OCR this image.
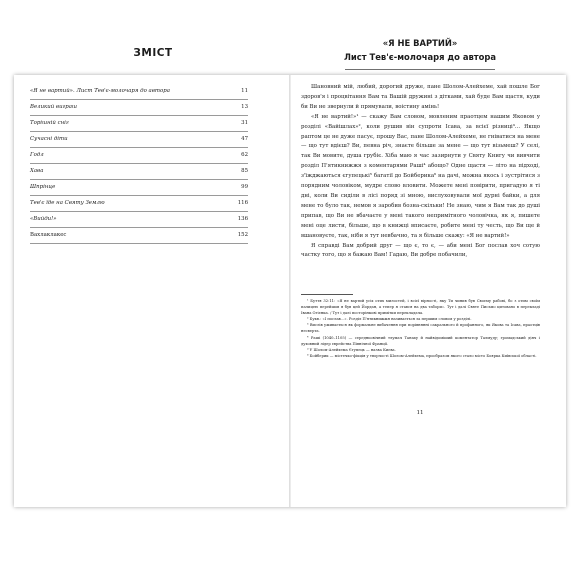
ЗМІСТ
«Я не вартий». Лист Тев'є-молочаря до автора	11
Великий виграш	13
Торішній сніг	31
Сучасні діти	47
Годл	62
Хава	85
Шпрінце	99
Тев'є їде на Святу Землю	116
«Вийди!»	136
Вахлаклакес	152
«Я НЕ ВАРТИЙ»
Лист Тев'є-молочаря до автора

Шановний мій, любий, дорогий друже, пане Шолом-Алейхеме, хай пошле Бог здоров'я і процвітання Вам та Вашій дружині з дітками, хай буде Вам щастя, куди би Ви не звернули й прямували, воістину амінь!

«Я не вартий!»¹ — скажу Вам словом, мовленим праотцем нашим Яковом у розділі «Вайішлах»², коли рушив він супроти Ісава, за всієї різниці³... Якщо раптом це не дуже пасує, прошу Вас, пане Шолом-Алейхеме, не гніватися на мене — що тут вдієш? Ви, певна річ, знаєте більше за мене — що тут візьмеш? У селі, так Ви мовите, душа грубіє. Хіба маю я час зазирнути у Святу Книгу чи вивчити розділ П'ятикнижжя з коментарями Раші⁴ абощо? Одне щастя — літо на підході, з'їжджаються єгупецькі⁵ багатії до Бойберика⁶ на дачі, можна якось і зустрітися з порядним чоловіком, мудре слово вловити. Можете мені повірити, пригадую я ті дні, коли Ви сиділи в лісі поряд зі мною, вислуховували мої дурні байки, а для мене то було так, немов я заробив бозна-скільки! Не знаю, чим я Вам так до душі припав, що Ви не вбачаєте у мені такого непримітного чоловічка, як я, пишете мені оце листи, більше, що в книжці вписаєте, робите мені ту честь, що Ви ще й вшановуєте, так, ніби я тут невбачно, та я більше скажу: «Я не вартий!»

Я справді Вам добрий друг — що є, то є, — аби мені Бог послав хоч сотую частку того, що я бажаю Вам! Гадаю, Ви добре побачили,

¹ Буття 32:11: «Я не вартий усіх отих милостей, і всієї вірності, яку Ти чинив був Своєму рабові, бо з отим своїм палицею перейшов я був цей Йордан, а тепер я стався на два табори». Тут і далі Святе Письмо цитовано в перекладі Івана Огієнка. / Тут і далі посторінкові примітки перекладача.

² Букв.: «І послав...». Розділ П'ятикнижжя називається за першим словом у розділі.

³ Вислів уживається як формальне вибачення при порівнянні сакрального й профанного, як Якова та Ісава, праотців несверта.

⁴ Раші (1040–1105) — середньовічний тлумач Танаху й найвідоміший коментатор Талмуду; громадський діяч і духовний лідер єврейства Північної Франції.

⁵ У Шолом-Алейхема Єгупець — назва Києва.

⁶ Бойберик — містечко-фікція у творчості Шолом-Алейхема, прообразом якого стало місто Боярка Київської області.

11
